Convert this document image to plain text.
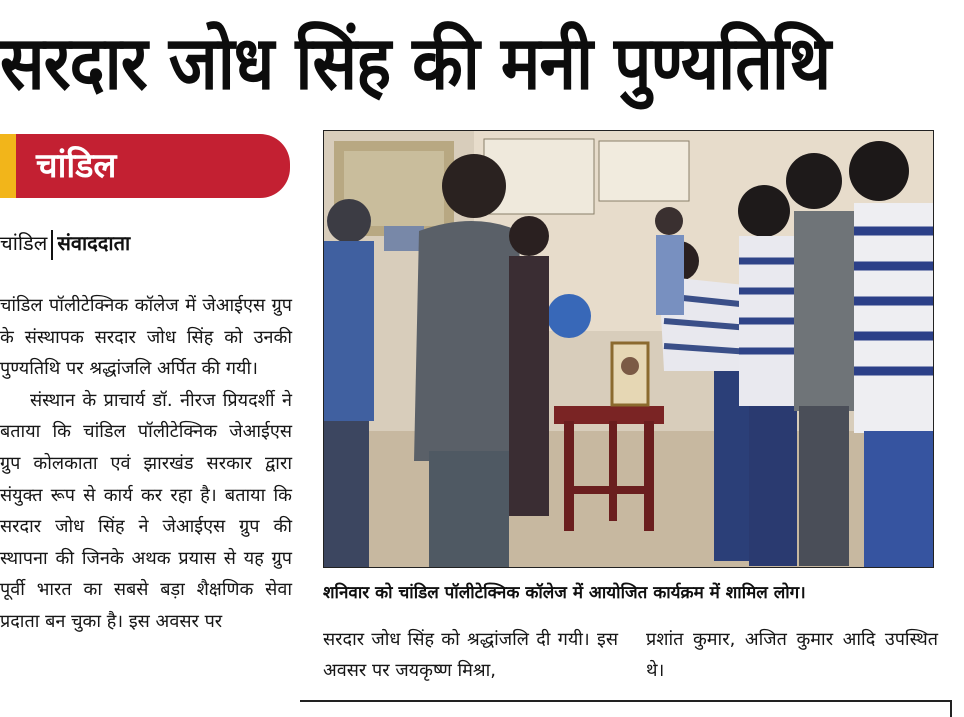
सरदार जोध सिंह की मनी पुण्यतिथि
चांडिल
चांडिल संवाददाता

चांडिल पॉलीटेक्निक कॉलेज में जेआईएस ग्रुप के संस्थापक सरदार जोध सिंह को उनकी पुण्यतिथि पर श्रद्धांजलि अर्पित की गयी।

संस्थान के प्राचार्य डॉ. नीरज प्रियदर्शी ने बताया कि चांडिल पॉलीटेक्निक जेआईएस ग्रुप कोलकाता एवं झारखंड सरकार द्वारा संयुक्त रूप से कार्य कर रहा है। बताया कि सरदार जोध सिंह ने जेआईएस ग्रुप की स्थापना की जिनके अथक प्रयास से यह ग्रुप पूर्वी भारत का सबसे बड़ा शैक्षणिक सेवा प्रदाता बन चुका है। इस अवसर पर

शनिवार को चांडिल पॉलीटेक्निक कॉलेज में आयोजित कार्यक्रम में शामिल लोग।

सरदार जोध सिंह को श्रद्धांजलि दी गयी। इस अवसर पर जयकृष्ण मिश्रा,

प्रशांत कुमार, अजित कुमार आदि उपस्थित थे।
